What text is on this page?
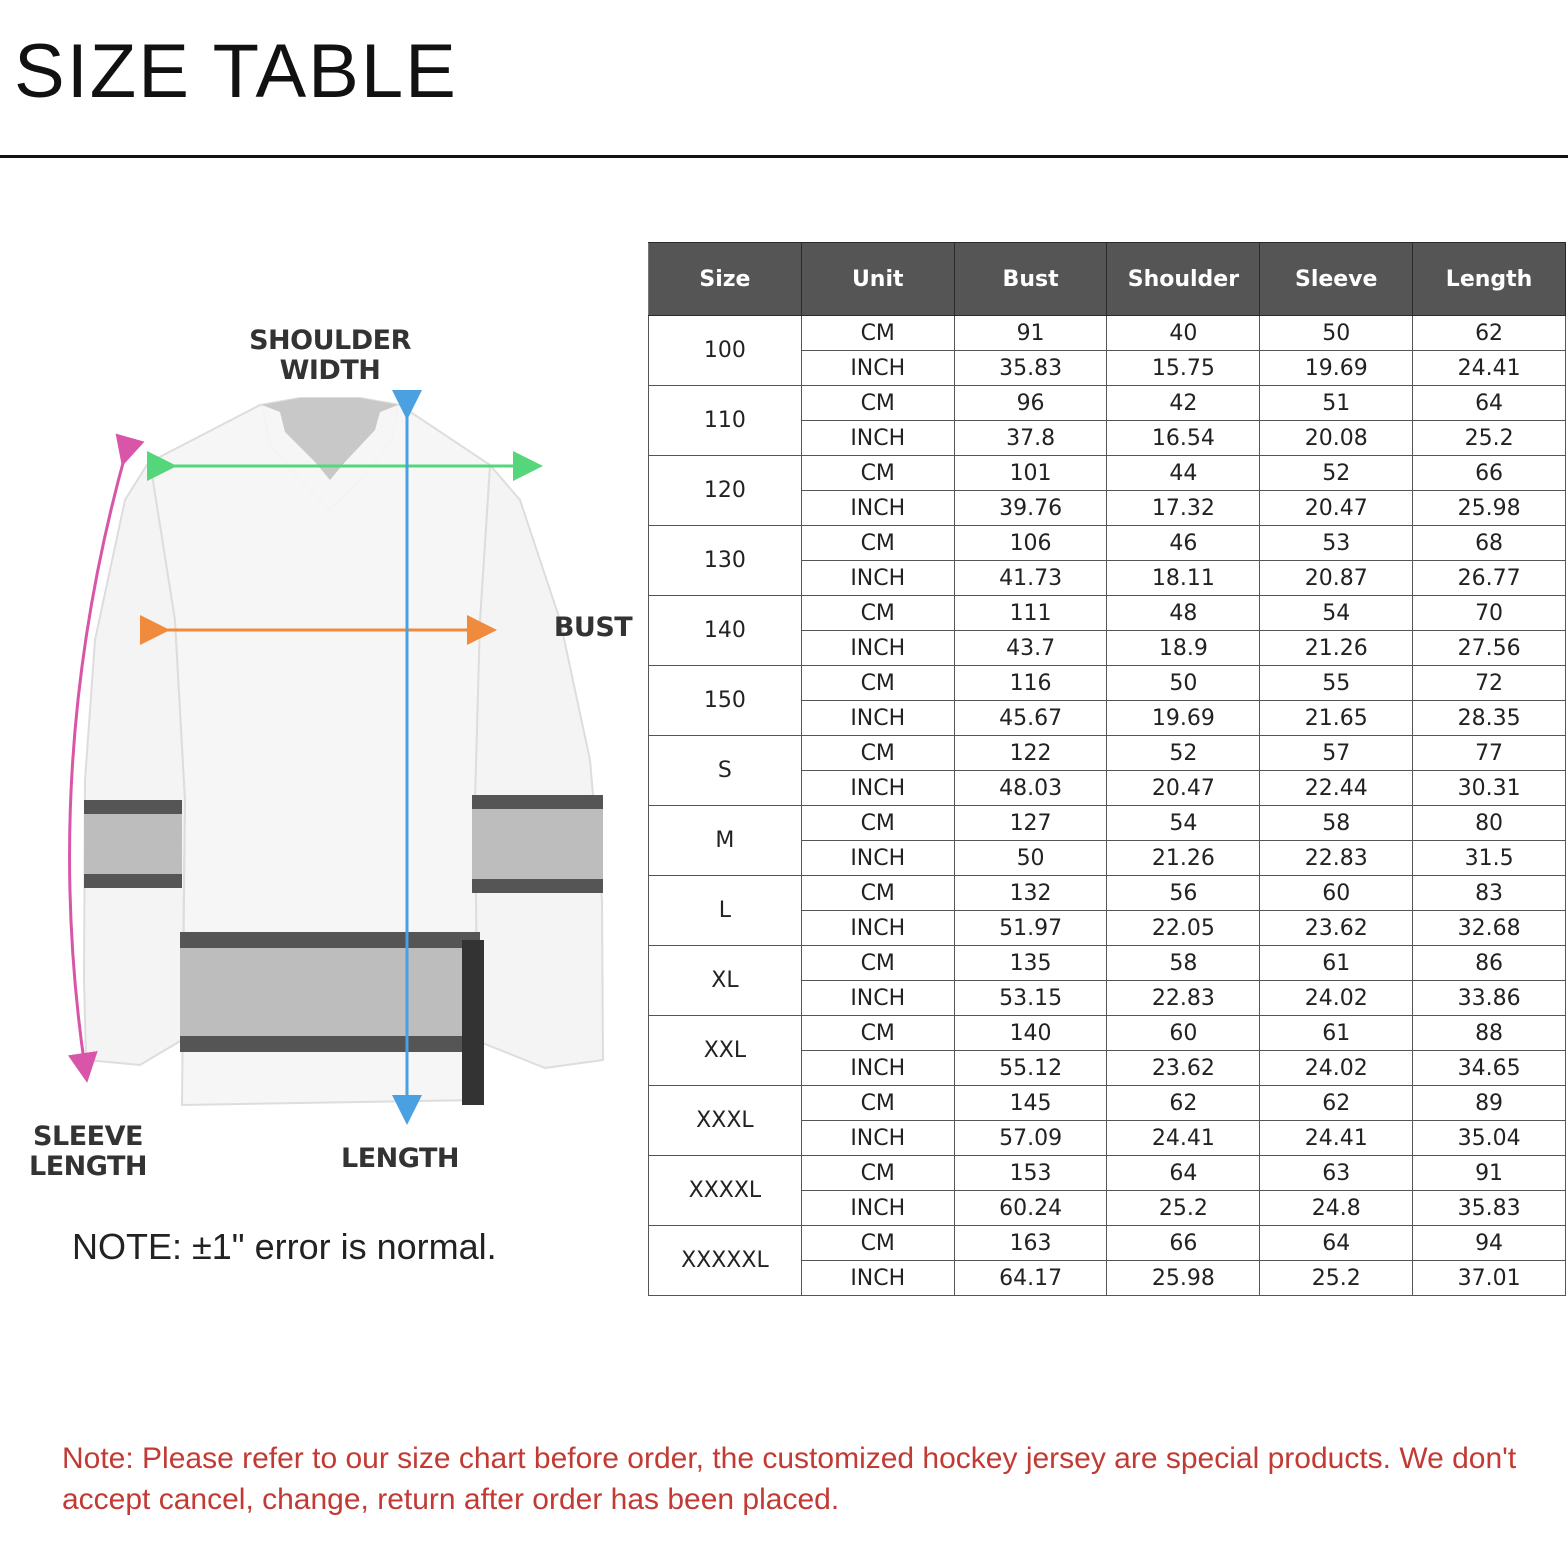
SIZE TABLE
SHOULDER
WIDTH
BUST
SLEEVE
LENGTH	LENGTH
NOTE: ±1" error is normal.
Size	Unit	Bust	Shoulder	Sleeve	Length
100	CM	91	40	50	62
	INCH	35.83	15.75	19.69	24.41
110	CM	96	42	51	64
	INCH	37.8	16.54	20.08	25.2
120	CM	101	44	52	66
	INCH	39.76	17.32	20.47	25.98
130	CM	106	46	53	68
	INCH	41.73	18.11	20.87	26.77
140	CM	111	48	54	70
	INCH	43.7	18.9	21.26	27.56
150	CM	116	50	55	72
	INCH	45.67	19.69	21.65	28.35
S	CM	122	52	57	77
	INCH	48.03	20.47	22.44	30.31
M	CM	127	54	58	80
	INCH	50	21.26	22.83	31.5
L	CM	132	56	60	83
	INCH	51.97	22.05	23.62	32.68
XL	CM	135	58	61	86
	INCH	53.15	22.83	24.02	33.86
XXL	CM	140	60	61	88
	INCH	55.12	23.62	24.02	34.65
XXXL	CM	145	62	62	89
	INCH	57.09	24.41	24.41	35.04
XXXXL	CM	153	64	63	91
	INCH	60.24	25.2	24.8	35.83
XXXXXL	CM	163	66	64	94
	INCH	64.17	25.98	25.2	37.01
Note: Please refer to our size chart before order, the customized hockey jersey are special products. We don't accept cancel, change, return after order has been placed.
